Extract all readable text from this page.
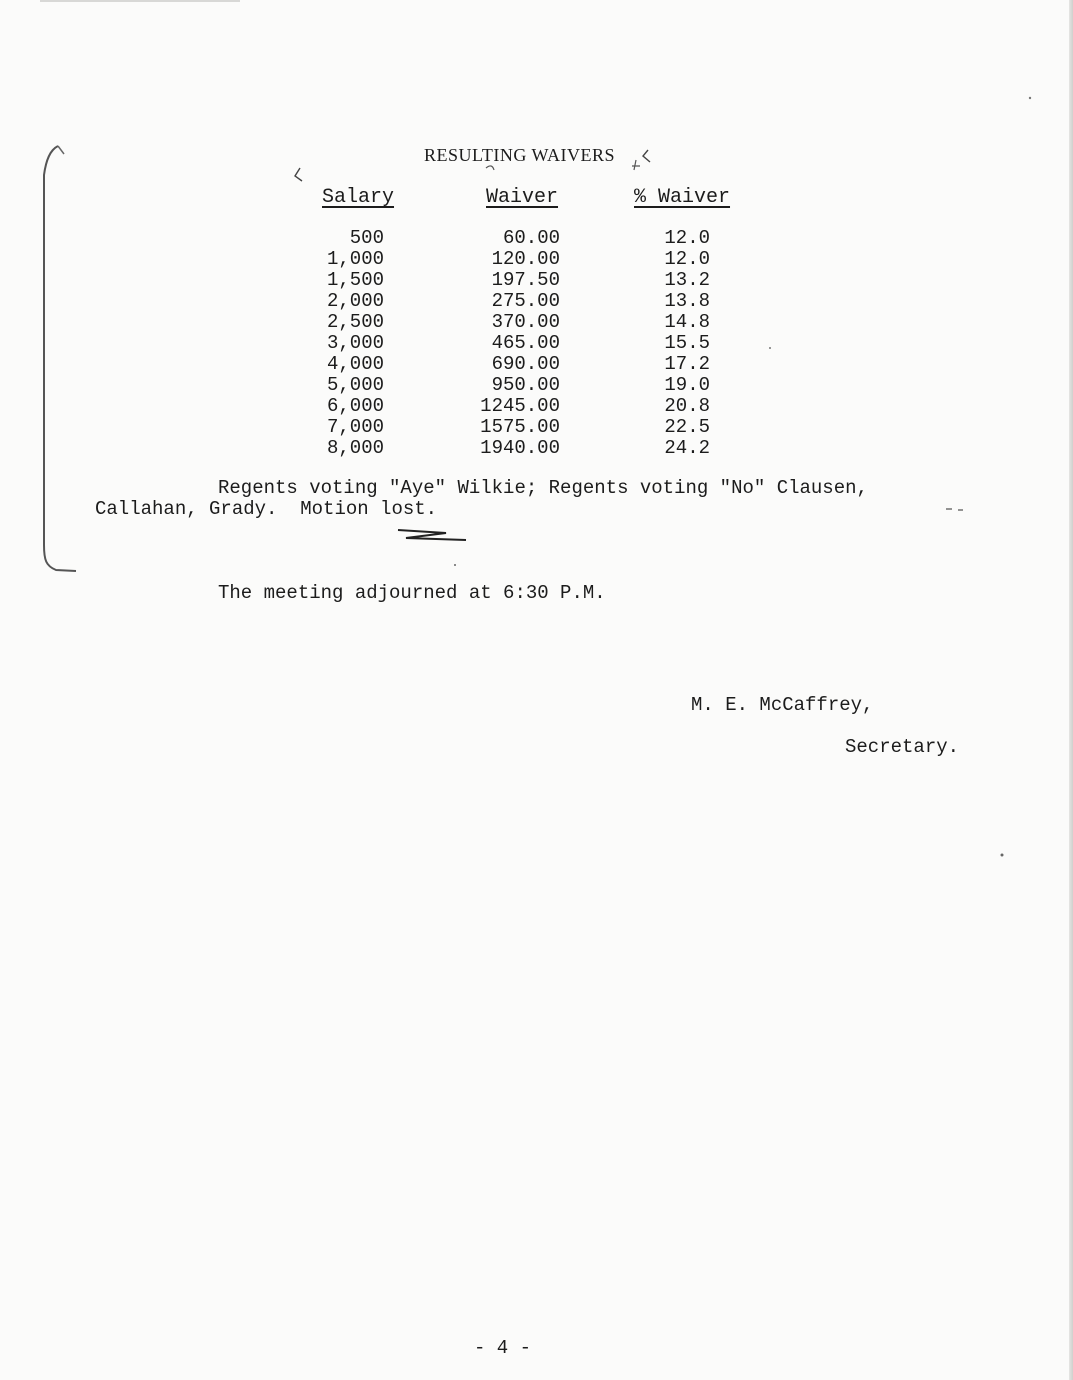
RESULTING WAIVERS
Salary	Waiver	% Waiver
500
1,000
1,500
2,000
2,500
3,000
4,000
5,000
6,000
7,000
8,000
60.00
120.00
197.50
275.00
370.00
465.00
690.00
950.00
1245.00
1575.00
1940.00
12.0
12.0
13.2
13.8
14.8
15.5
17.2
19.0
20.8
22.5
24.2
Regents voting "Aye" Wilkie; Regents voting "No" Clausen,
Callahan, Grady.  Motion lost.
The meeting adjourned at 6:30 P.M.
M. E. McCaffrey,
Secretary.
- 4 -
